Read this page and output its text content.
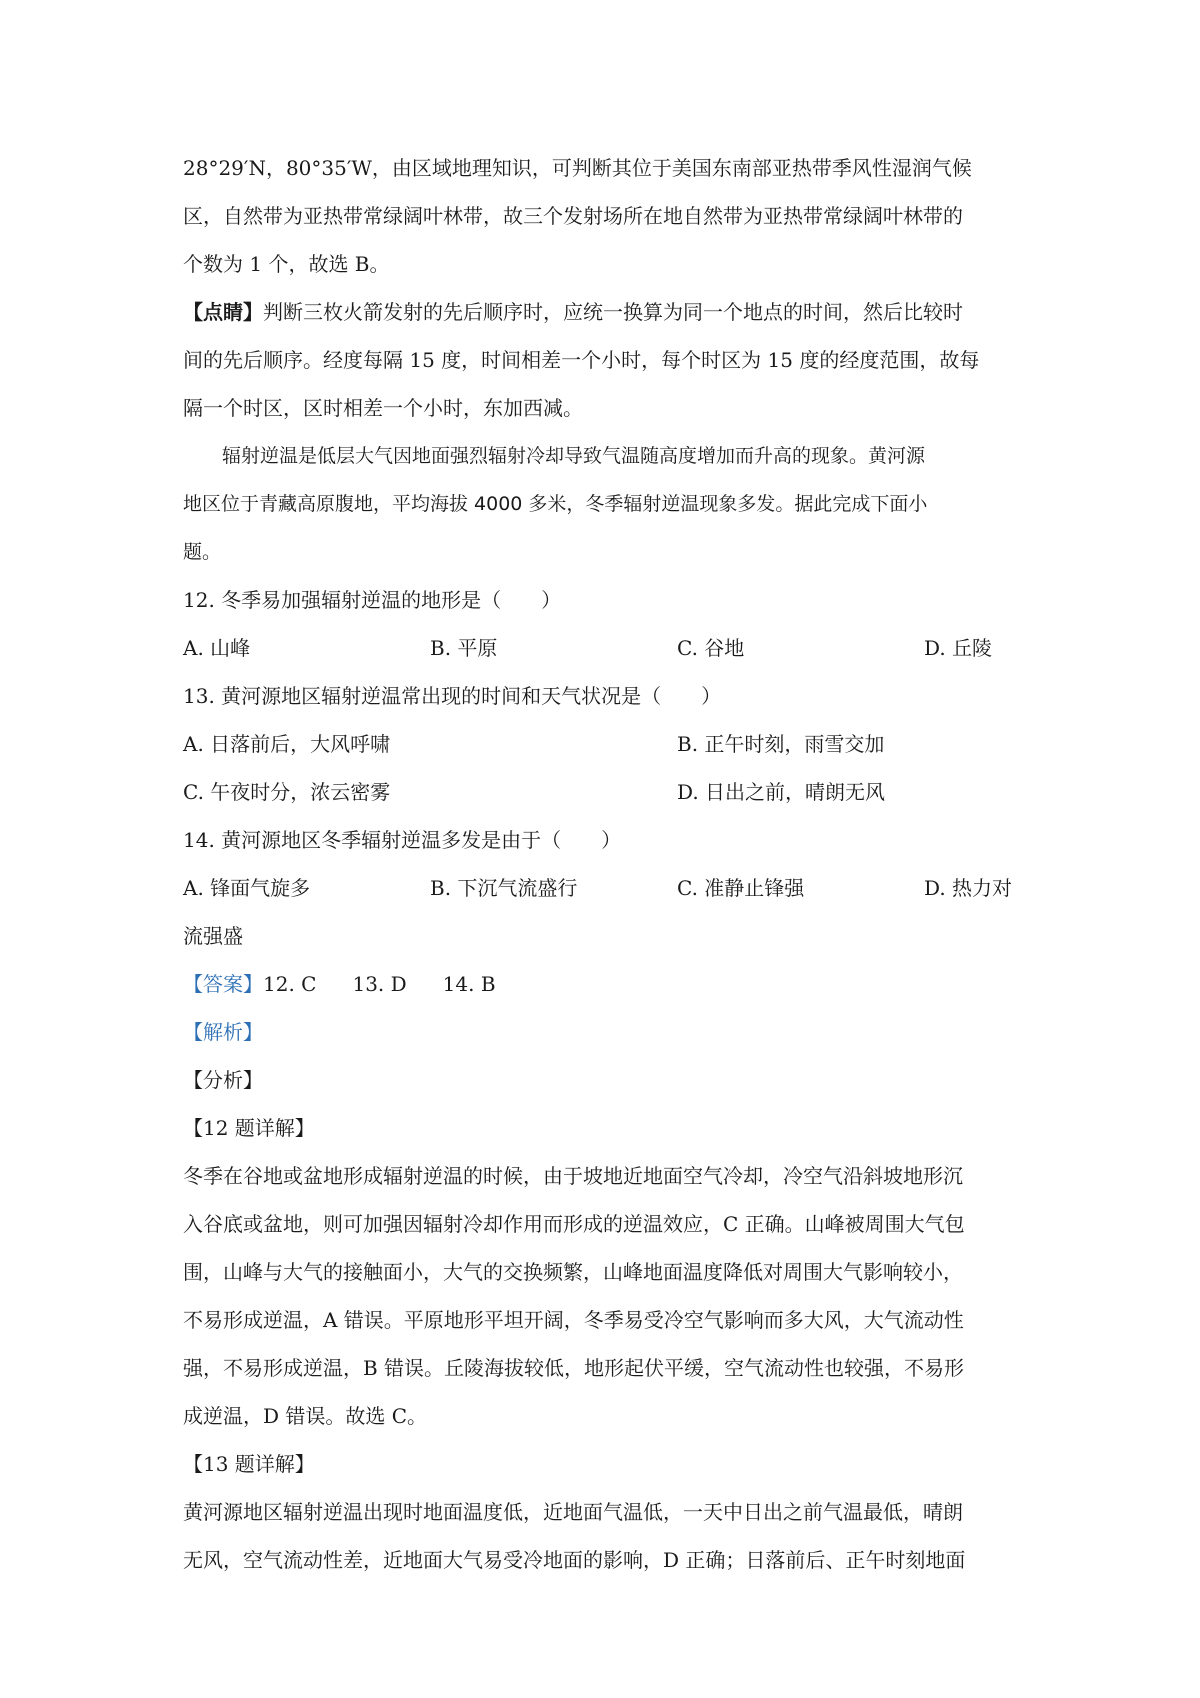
28°29′N，80°35′W，由区域地理知识，可判断其位于美国东南部亚热带季风性湿润气候
区，自然带为亚热带常绿阔叶林带，故三个发射场所在地自然带为亚热带常绿阔叶林带的
个数为 1 个，故选 B。
【点睛】判断三枚火箭发射的先后顺序时，应统一换算为同一个地点的时间，然后比较时
间的先后顺序。经度每隔 15 度，时间相差一个小时，每个时区为 15 度的经度范围，故每
隔一个时区，区时相差一个小时，东加西减。
辐射逆温是低层大气因地面强烈辐射冷却导致气温随高度增加而升高的现象。黄河源
地区位于青藏高原腹地，平均海拔 4000 多米，冬季辐射逆温现象多发。据此完成下面小
题。
12. 冬季易加强辐射逆温的地形是（　　）
A. 山峰	B. 平原	C. 谷地	D. 丘陵
13. 黄河源地区辐射逆温常出现的时间和天气状况是（　　）
A. 日落前后，大风呼啸	B. 正午时刻，雨雪交加
C. 午夜时分，浓云密雾	D. 日出之前，晴朗无风
14. 黄河源地区冬季辐射逆温多发是由于（　　）
A. 锋面气旋多	B. 下沉气流盛行	C. 准静止锋强	D. 热力对
流强盛
【答案】12. C 13. D 14. B
【解析】
【分析】
【12 题详解】
冬季在谷地或盆地形成辐射逆温的时候，由于坡地近地面空气冷却，冷空气沿斜坡地形沉
入谷底或盆地，则可加强因辐射冷却作用而形成的逆温效应，C 正确。山峰被周围大气包
围，山峰与大气的接触面小，大气的交换频繁，山峰地面温度降低对周围大气影响较小，
不易形成逆温，A 错误。平原地形平坦开阔，冬季易受冷空气影响而多大风，大气流动性
强，不易形成逆温，B 错误。丘陵海拔较低，地形起伏平缓，空气流动性也较强，不易形
成逆温，D 错误。故选 C。
【13 题详解】
黄河源地区辐射逆温出现时地面温度低，近地面气温低，一天中日出之前气温最低，晴朗
无风，空气流动性差，近地面大气易受冷地面的影响，D 正确；日落前后、正午时刻地面
